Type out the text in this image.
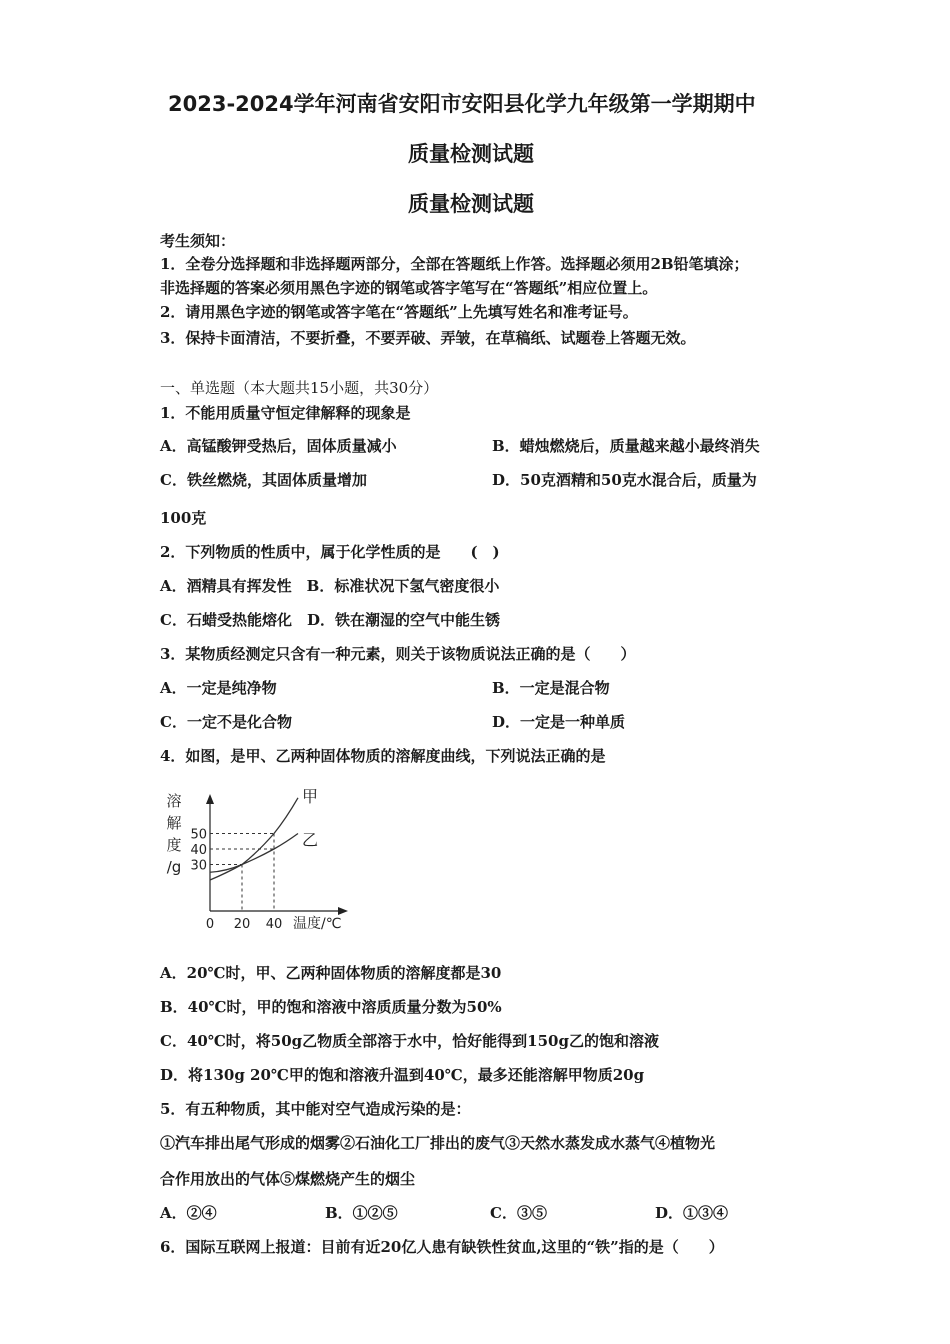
2023-2024学年河南省安阳市安阳县化学九年级第一学期期中
质量检测试题
质量检测试题
考生须知：
1．全卷分选择题和非选择题两部分，全部在答题纸上作答。选择题必须用2B铅笔填涂；
非选择题的答案必须用黑色字迹的钢笔或答字笔写在“答题纸”相应位置上。
2．请用黑色字迹的钢笔或答字笔在“答题纸”上先填写姓名和准考证号。
3．保持卡面清洁，不要折叠，不要弄破、弄皱，在草稿纸、试题卷上答题无效。
一、单选题（本大题共15小题，共30分）
1．不能用质量守恒定律解释的现象是
A．高锰酸钾受热后，固体质量减小	B．蜡烛燃烧后，质量越来越小最终消失
C．铁丝燃烧，其固体质量增加	D．50克酒精和50克水混合后，质量为
100克
2．下列物质的性质中，属于化学性质的是　　(　)
A．酒精具有挥发性　B．标准状况下氢气密度很小
C．石蜡受热能熔化　D．铁在潮湿的空气中能生锈
3．某物质经测定只含有一种元素，则关于该物质说法正确的是（　　）
A．一定是纯净物	B．一定是混合物
C．一定不是化合物	D．一定是一种单质
4．如图，是甲、乙两种固体物质的溶解度曲线，下列说法正确的是
甲
乙
30
40
50
0 20 40
溶
解
度
/g
温度/℃
A．20℃时，甲、乙两种固体物质的溶解度都是30
B．40℃时，甲的饱和溶液中溶质质量分数为50%
C．40℃时，将50g乙物质全部溶于水中，恰好能得到150g乙的饱和溶液
D．将130g 20℃甲的饱和溶液升温到40℃，最多还能溶解甲物质20g
5．有五种物质，其中能对空气造成污染的是：
①汽车排出尾气形成的烟雾②石油化工厂排出的废气③天然水蒸发成水蒸气④植物光
合作用放出的气体⑤煤燃烧产生的烟尘
A．②④	B．①②⑤	C．③⑤	D．①③④
6．国际互联网上报道：目前有近20亿人患有缺铁性贫血,这里的“铁”指的是（　　）
